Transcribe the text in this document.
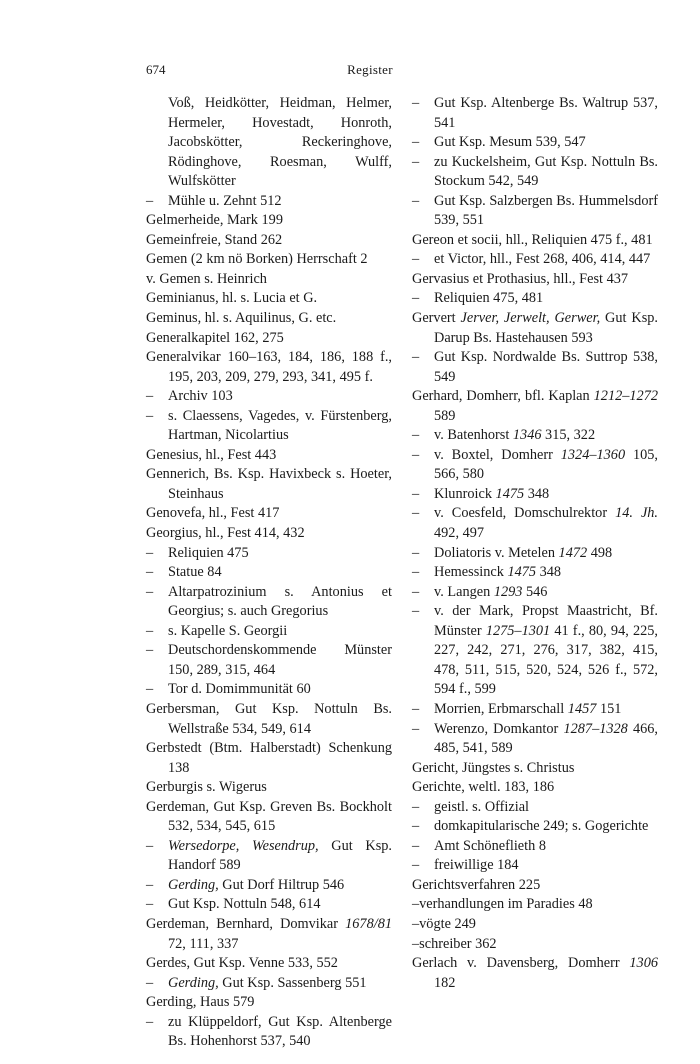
674	Register
Voß, Heidkötter, Heidman, Helmer, Hermeler, Hovestadt, Honroth, Jacobskötter, Reckeringhove, Rödinghove, Roesman, Wulff, Wulfskötter
– Mühle u. Zehnt 512
Gelmerheide, Mark 199
Gemeinfreie, Stand 262
Gemen (2 km nö Borken) Herrschaft 2
v. Gemen s. Heinrich
Geminianus, hl. s. Lucia et G.
Geminus, hl. s. Aquilinus, G. etc.
Generalkapitel 162, 275
Generalvikar 160–163, 184, 186, 188 f., 195, 203, 209, 279, 293, 341, 495 f.
– Archiv 103
– s. Claessens, Vagedes, v. Fürstenberg, Hartman, Nicolartius
Genesius, hl., Fest 443
Gennerich, Bs. Ksp. Havixbeck s. Hoeter, Steinhaus
Genovefa, hl., Fest 417
Georgius, hl., Fest 414, 432
– Reliquien 475
– Statue 84
– Altarpatrozinium s. Antonius et Georgius; s. auch Gregorius
– s. Kapelle S. Georgii
– Deutschordenskommende Münster 150, 289, 315, 464
– Tor d. Domimmunität 60
Gerbersman, Gut Ksp. Nottuln Bs. Wellstraße 534, 549, 614
Gerbstedt (Btm. Halberstadt) Schenkung 138
Gerburgis s. Wigerus
Gerdeman, Gut Ksp. Greven Bs. Bockholt 532, 534, 545, 615
– Wersedorpe, Wesendrup, Gut Ksp. Handorf 589
– Gerding, Gut Dorf Hiltrup 546
– Gut Ksp. Nottuln 548, 614
Gerdeman, Bernhard, Domvikar 1678/81 72, 111, 337
Gerdes, Gut Ksp. Venne 533, 552
– Gerding, Gut Ksp. Sassenberg 551
Gerding, Haus 579
– zu Klüppeldorf, Gut Ksp. Altenberge Bs. Hohenhorst 537, 540
– Gut Ksp. Altenberge Bs. Waltrup 537, 541
– Gut Ksp. Mesum 539, 547
– zu Kuckelsheim, Gut Ksp. Nottuln Bs. Stockum 542, 549
– Gut Ksp. Salzbergen Bs. Hummelsdorf 539, 551
Gereon et socii, hll., Reliquien 475 f., 481
– et Victor, hll., Fest 268, 406, 414, 447
Gervasius et Prothasius, hll., Fest 437
– Reliquien 475, 481
Gervert Jerver, Jerwelt, Gerwer, Gut Ksp. Darup Bs. Hastehausen 593
– Gut Ksp. Nordwalde Bs. Suttrop 538, 549
Gerhard, Domherr, bfl. Kaplan 1212–1272 589
– v. Batenhorst 1346 315, 322
– v. Boxtel, Domherr 1324–1360 105, 566, 580
– Klunroick 1475 348
– v. Coesfeld, Domschulrektor 14. Jh. 492, 497
– Doliatoris v. Metelen 1472 498
– Hemessinck 1475 348
– v. Langen 1293 546
– v. der Mark, Propst Maastricht, Bf. Münster 1275–1301 41 f., 80, 94, 225, 227, 242, 271, 276, 317, 382, 415, 478, 511, 515, 520, 524, 526 f., 572, 594 f., 599
– Morrien, Erbmarschall 1457 151
– Werenzo, Domkantor 1287–1328 466, 485, 541, 589
Gericht, Jüngstes s. Christus
Gerichte, weltl. 183, 186
– geistl. s. Offizial
– domkapitularische 249; s. Gogerichte
– Amt Schöneflieth 8
– freiwillige 184
Gerichtsverfahren 225
–verhandlungen im Paradies 48
–vögte 249
–schreiber 362
Gerlach v. Davensberg, Domherr 1306 182
